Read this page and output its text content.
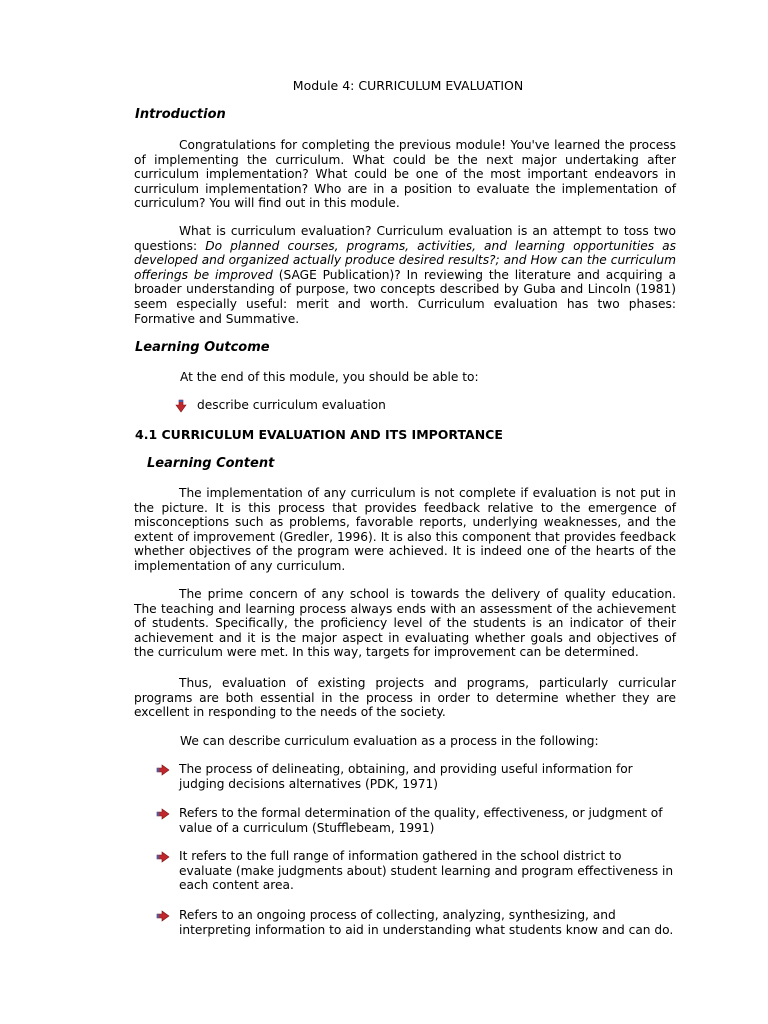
Module 4: CURRICULUM EVALUATION
Introduction

Congratulations for completing the previous module! You've learned the process of implementing the curriculum. What could be the next major undertaking after curriculum implementation? What could be one of the most important endeavors in curriculum implementation? Who are in a position to evaluate the implementation of curriculum? You will find out in this module.

What is curriculum evaluation? Curriculum evaluation is an attempt to toss two questions: Do planned courses, programs, activities, and learning opportunities as developed and organized actually produce desired results?; and How can the curriculum offerings be improved (SAGE Publication)? In reviewing the literature and acquiring a broader understanding of purpose, two concepts described by Guba and Lincoln (1981) seem especially useful: merit and worth. Curriculum evaluation has two phases: Formative and Summative.

Learning Outcome

At the end of this module, you should be able to:

describe curriculum evaluation
4.1 CURRICULUM EVALUATION AND ITS IMPORTANCE
Learning Content

The implementation of any curriculum is not complete if evaluation is not put in the picture. It is this process that provides feedback relative to the emergence of misconceptions such as problems, favorable reports, underlying weaknesses, and the extent of improvement (Gredler, 1996). It is also this component that provides feedback whether objectives of the program were achieved. It is indeed one of the hearts of the implementation of any curriculum.

The prime concern of any school is towards the delivery of quality education. The teaching and learning process always ends with an assessment of the achievement of students. Specifically, the proficiency level of the students is an indicator of their achievement and it is the major aspect in evaluating whether goals and objectives of the curriculum were met. In this way, targets for improvement can be determined.

Thus, evaluation of existing projects and programs, particularly curricular programs are both essential in the process in order to determine whether they are excellent in responding to the needs of the society.

We can describe curriculum evaluation as a process in the following:

The process of delineating, obtaining, and providing useful information for
judging decisions alternatives (PDK, 1971)
Refers to the formal determination of the quality, effectiveness, or judgment of
value of a curriculum (Stufflebeam, 1991)
It refers to the full range of information gathered in the school district to
evaluate (make judgments about) student learning and program effectiveness in
each content area.
Refers to an ongoing process of collecting, analyzing, synthesizing, and
interpreting information to aid in understanding what students know and can do.
